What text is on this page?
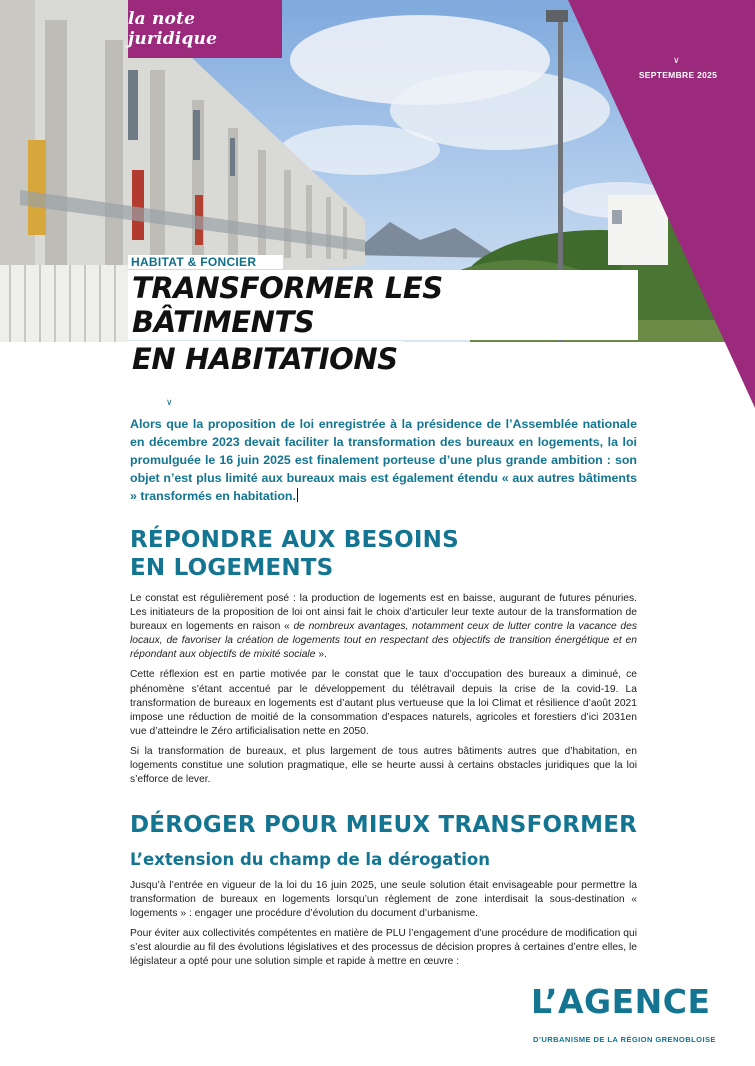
la note juridique
∨
SEPTEMBRE 2025
HABITAT & FONCIER
TRANSFORMER LES BÂTIMENTS
EN HABITATIONS
∨

Alors que la proposition de loi enregistrée à la présidence de l’Assemblée nationale en décembre 2023 devait faciliter la transformation des bureaux en logements, la loi promulguée le 16 juin 2025 est finalement porteuse d’une plus grande ambition : son objet n’est plus limité aux bureaux mais est également étendu « aux autres bâtiments » transformés en habitation.

RÉPONDRE AUX BESOINS
EN LOGEMENTS

Le constat est régulièrement posé : la production de logements est en baisse, augurant de futures pénuries. Les initiateurs de la proposition de loi ont ainsi fait le choix d’articuler leur texte autour de la transformation de bureaux en logements en raison « de nombreux avantages, notamment ceux de lutter contre la vacance des locaux, de favoriser la création de logements tout en respectant des objectifs de transition énergétique et en répondant aux objectifs de mixité sociale ».

Cette réflexion est en partie motivée par le constat que le taux d’occupation des bureaux a diminué, ce phénomène s’étant accentué par le développement du télétravail depuis la crise de la covid-19. La transformation de bureaux en logements est d’autant plus vertueuse que la loi Climat et résilience d’août 2021 impose une réduction de moitié de la consommation d’espaces naturels, agricoles et forestiers d’ici 2031en vue d’atteindre le Zéro artificialisation nette en 2050.

Si la transformation de bureaux, et plus largement de tous autres bâtiments autres que d’habitation, en logements constitue une solution pragmatique, elle se heurte aussi à certains obstacles juridiques que la loi s’efforce de lever.

DÉROGER POUR MIEUX TRANSFORMER
L’extension du champ de la dérogation

Jusqu’à l’entrée en vigueur de la loi du 16 juin 2025, une seule solution était envisageable pour permettre la transformation de bureaux en logements lorsqu’un règlement de zone interdisait la sous-destination « logements » : engager une procédure d’évolution du document d’urbanisme.

Pour éviter aux collectivités compétentes en matière de PLU l’engagement d’une procédure de modification qui s’est alourdie au fil des évolutions législatives et des processus de décision propres à certaines d’entre elles, le législateur a opté pour une solution simple et rapide à mettre en œuvre :

L’AGENCE
D’URBANISME DE LA RÉGION GRENOBLOISE
